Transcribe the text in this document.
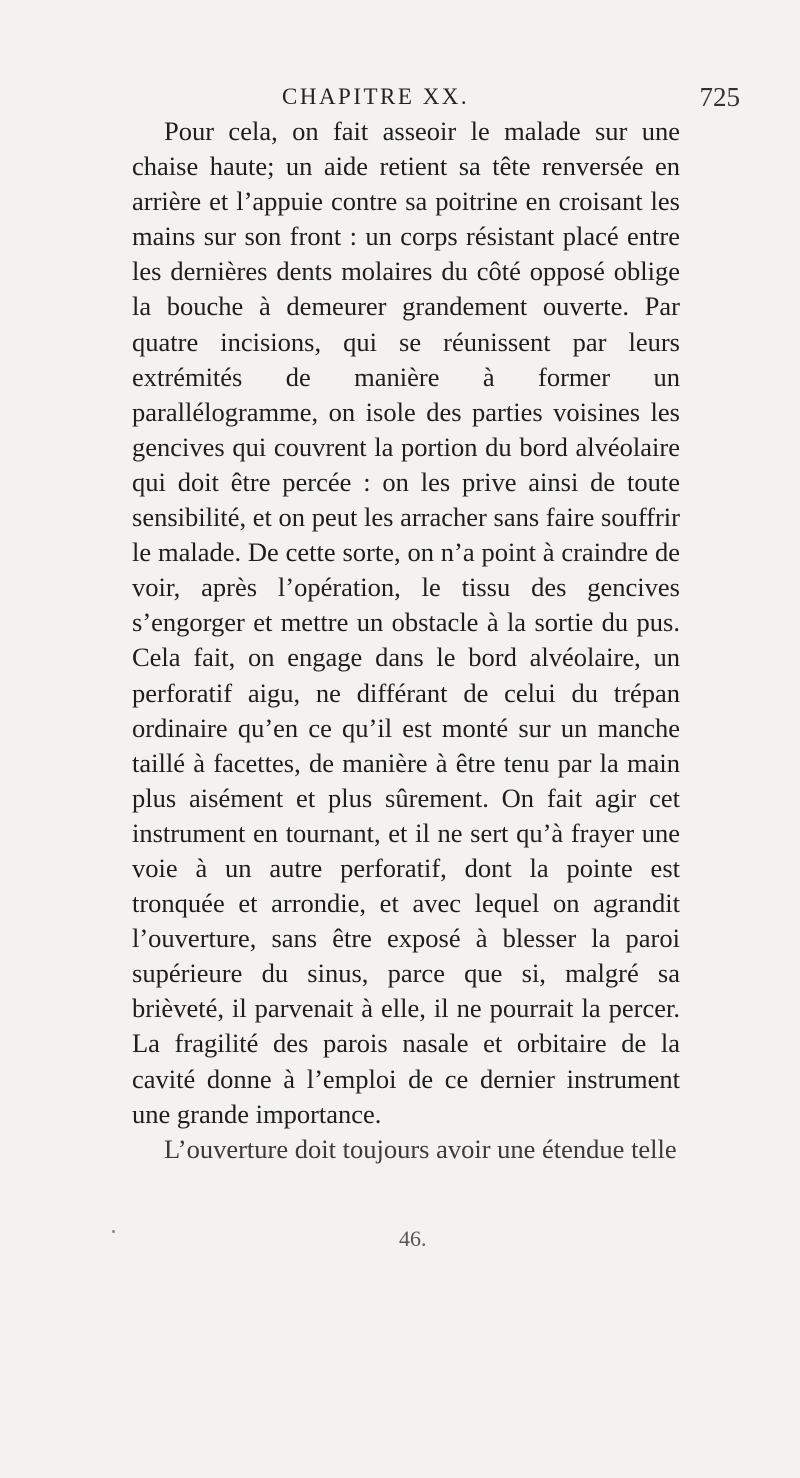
CHAPITRE XX.	725

Pour cela, on fait asseoir le malade sur une chaise haute; un aide retient sa tête renversée en arrière et l’appuie contre sa poitrine en croisant les mains sur son front : un corps résistant placé entre les dernières dents molaires du côté opposé oblige la bouche à demeurer grandement ouverte. Par quatre incisions, qui se réunissent par leurs extrémités de manière à former un parallélogramme, on isole des parties voisines les gencives qui couvrent la portion du bord alvéolaire qui doit être percée : on les prive ainsi de toute sensibilité, et on peut les arracher sans faire souffrir le malade. De cette sorte, on n’a point à craindre de voir, après l’opération, le tissu des gencives s’engorger et mettre un obstacle à la sortie du pus. Cela fait, on engage dans le bord alvéolaire, un perforatif aigu, ne différant de celui du trépan ordinaire qu’en ce qu’il est monté sur un manche taillé à facettes, de manière à être tenu par la main plus aisément et plus sûrement. On fait agir cet instrument en tournant, et il ne sert qu’à frayer une voie à un autre perforatif, dont la pointe est tronquée et arrondie, et avec lequel on agrandit l’ouverture, sans être exposé à blesser la paroi supérieure du sinus, parce que si, malgré sa brièveté, il parvenait à elle, il ne pourrait la percer. La fragilité des parois nasale et orbitaire de la cavité donne à l’emploi de ce dernier instrument une grande importance.

L’ouverture doit toujours avoir une étendue telle

46.
